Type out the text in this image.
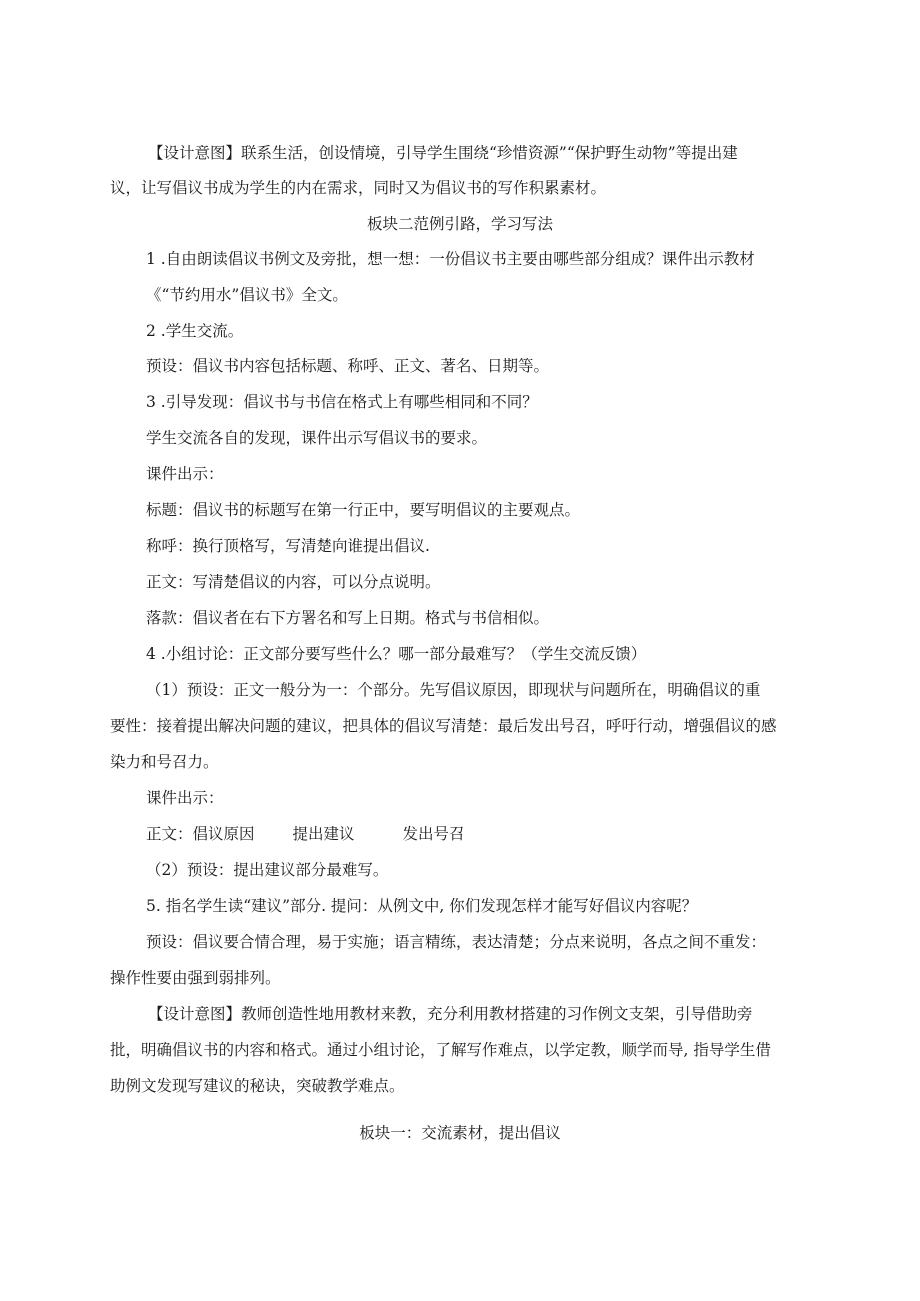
【设计意图】联系生活，创设情境，引导学生围绕“珍惜资源”“保护野生动物”等提出建
议，让写倡议书成为学生的内在需求，同时又为倡议书的写作积累素材。
板块二范例引路，学习写法
1 .自由朗读倡议书例文及旁批，想一想：一份倡议书主要由哪些部分组成？课件出示教材
《“节约用水”倡议书》全文。
2 .学生交流。
预设：倡议书内容包括标题、称呼、正文、著名、日期等。
3 .引导发现：倡议书与书信在格式上有哪些相同和不同？
学生交流各自的发现，课件出示写倡议书的要求。
课件出示：
标题：倡议书的标题写在第一行正中，要写明倡议的主要观点。
称呼：换行顶格写，写清楚向谁提出倡议.
正文：写清楚倡议的内容，可以分点说明。
落款：倡议者在右下方署名和写上日期。格式与书信相似。
4 .小组讨论：正文部分要写些什么？哪一部分最难写？（学生交流反馈）
（1）预设：正文一般分为一：个部分。先写倡议原因，即现状与问题所在，明确倡议的重
要性：接着提出解决问题的建议，把具体的倡议写清楚：最后发出号召，呼吁行动，增强倡议的感
染力和号召力。
课件出示：
正文：倡议原因 提出建议	发出号召
（2）预设：提出建议部分最难写。
5. 指名学生读“建议”部分. 提问：从例文中, 你们发现怎样才能写好倡议内容呢？
预设：倡议要合情合理，易于实施；语言精练，表达清楚；分点来说明，各点之间不重发：
操作性要由强到弱排列。
【设计意图】教师创造性地用教材来教，充分利用教材搭建的习作例文支架，引导借助旁
批，明确倡议书的内容和格式。通过小组讨论，了解写作难点，以学定教，顺学而导, 指导学生借
助例文发现写建议的秘诀，突破教学难点。
板块一：交流素材，提出倡议
